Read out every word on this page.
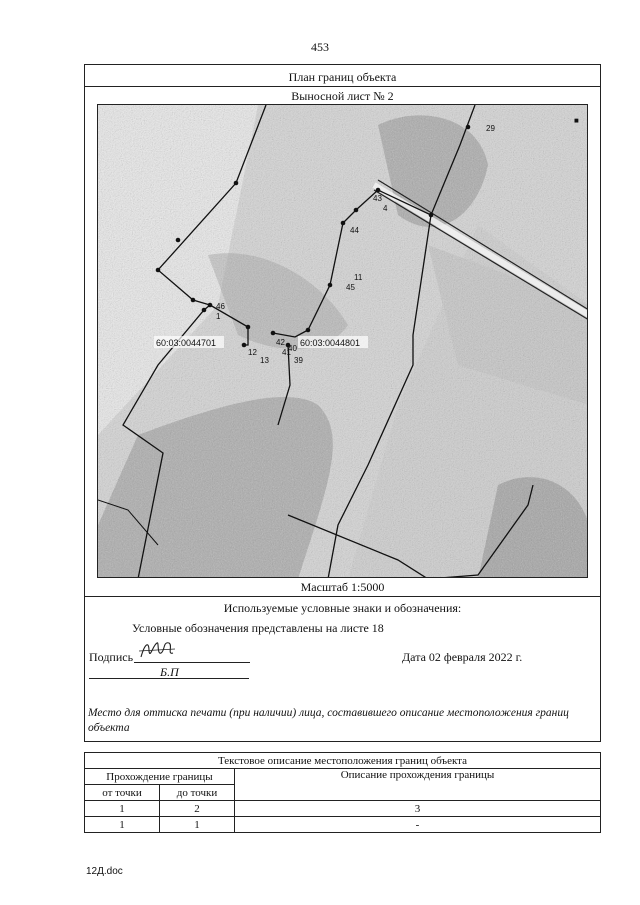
453
План границ объекта
Выносной лист № 2
29
46
1
42
41
40
39
43
44
45
4
13
12
11
60:03:0044701	60:03:0044801
■
Масштаб 1:5000
Используемые условные знаки и обозначения:
Условные обозначения представлены на листе 18
Подпись	Дата 02 февраля 2022 г.
Б.П
Место для оттиска печати (при наличии) лица, составившего описание местоположения границ объекта
Текстовое описание местоположения границ объекта		
Прохождение границы		Описание прохождения границы
от точки	до точки	
1	2	3
1	1	-
12Д.doc
